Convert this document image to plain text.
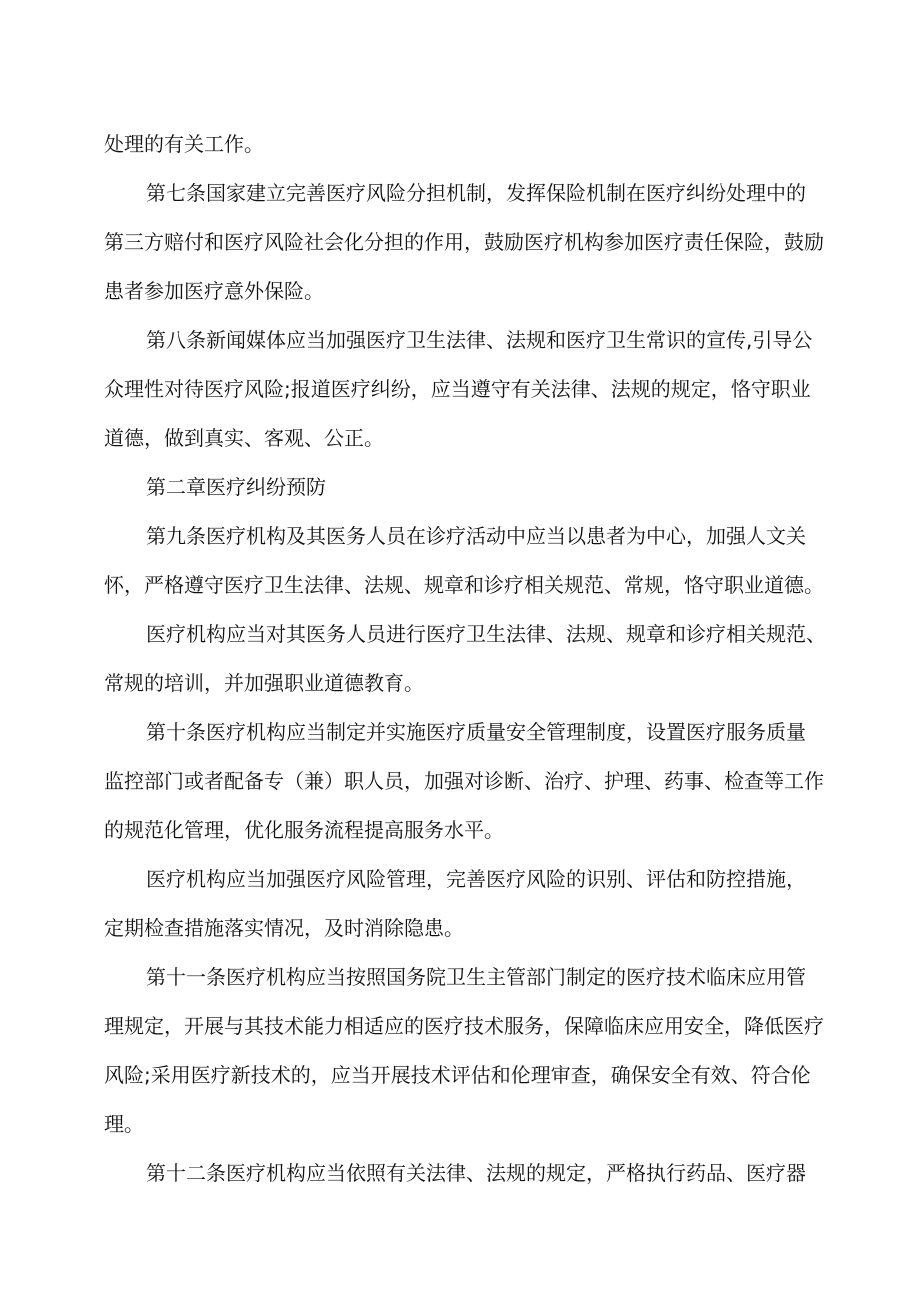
处理的有关工作。
第七条国家建立完善医疗风险分担机制，发挥保险机制在医疗纠纷处理中的
第三方赔付和医疗风险社会化分担的作用，鼓励医疗机构参加医疗责任保险，鼓励
患者参加医疗意外保险。
第八条新闻媒体应当加强医疗卫生法律、法规和医疗卫生常识的宣传,引导公
众理性对待医疗风险;报道医疗纠纷，应当遵守有关法律、法规的规定，恪守职业
道德，做到真实、客观、公正。
第二章医疗纠纷预防
第九条医疗机构及其医务人员在诊疗活动中应当以患者为中心，加强人文关
怀，严格遵守医疗卫生法律、法规、规章和诊疗相关规范、常规，恪守职业道德。
医疗机构应当对其医务人员进行医疗卫生法律、法规、规章和诊疗相关规范、
常规的培训，并加强职业道德教育。
第十条医疗机构应当制定并实施医疗质量安全管理制度，设置医疗服务质量
监控部门或者配备专（兼）职人员，加强对诊断、治疗、护理、药事、检查等工作
的规范化管理，优化服务流程提高服务水平。
医疗机构应当加强医疗风险管理，完善医疗风险的识别、评估和防控措施，
定期检查措施落实情况，及时消除隐患。
第十一条医疗机构应当按照国务院卫生主管部门制定的医疗技术临床应用管
理规定，开展与其技术能力相适应的医疗技术服务，保障临床应用安全，降低医疗
风险;采用医疗新技术的，应当开展技术评估和伦理审查，确保安全有效、符合伦
理。
第十二条医疗机构应当依照有关法律、法规的规定，严格执行药品、医疗器
